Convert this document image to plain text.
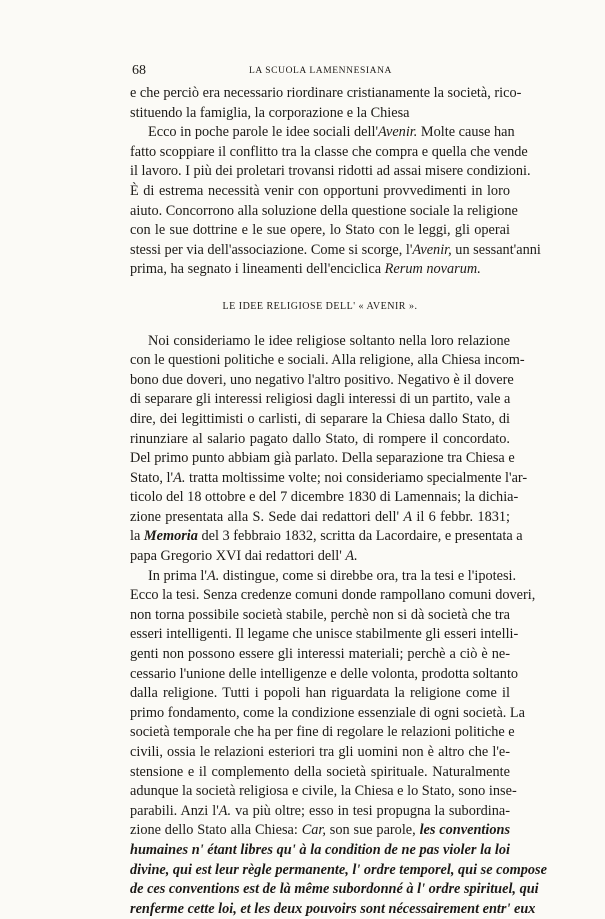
68	LA SCUOLA LAMENNESIANA
e che perciò era necessario riordinare cristianamente la società, rico-
stituendo la famiglia, la corporazione e la Chiesa
Ecco in poche parole le idee sociali dell'Avenir. Molte cause han
fatto scoppiare il conflitto tra la classe che compra e quella che vende
il lavoro. I più dei proletari trovansi ridotti ad assai misere condizioni.
È di estrema necessità venir con opportuni provvedimenti in loro
aiuto. Concorrono alla soluzione della questione sociale la religione
con le sue dottrine e le sue opere, lo Stato con le leggi, gli operai
stessi per via dell'associazione. Come si scorge, l'Avenir, un sessant'anni
prima, ha segnato i lineamenti dell'enciclica Rerum novarum.
LE IDEE RELIGIOSE DELL' « AVENIR ».
Noi consideriamo le idee religiose soltanto nella loro relazione
con le questioni politiche e sociali. Alla religione, alla Chiesa incom-
bono due doveri, uno negativo l'altro positivo. Negativo è il dovere
di separare gli interessi religiosi dagli interessi di un partito, vale a
dire, dei legittimisti o carlisti, di separare la Chiesa dallo Stato, di
rinunziare al salario pagato dallo Stato, di rompere il concordato.
Del primo punto abbiam già parlato. Della separazione tra Chiesa e
Stato, l'A. tratta moltissime volte; noi consideriamo specialmente l'ar-
ticolo del 18 ottobre e del 7 dicembre 1830 di Lamennais; la dichia-
zione presentata alla S. Sede dai redattori dell' A il 6 febbr. 1831;
la Memoria del 3 febbraio 1832, scritta da Lacordaire, e presentata a
papa Gregorio XVI dai redattori dell' A.
In prima l'A. distingue, come si direbbe ora, tra la tesi e l'ipotesi.
Ecco la tesi. Senza credenze comuni donde rampollano comuni doveri,
non torna possibile società stabile, perchè non si dà società che tra
esseri intelligenti. Il legame che unisce stabilmente gli esseri intelli-
genti non possono essere gli interessi materiali; perchè a ciò è ne-
cessario l'unione delle intelligenze e delle volonta, prodotta soltanto
dalla religione. Tutti i popoli han riguardata la religione come il
primo fondamento, come la condizione essenziale di ogni società. La
società temporale che ha per fine di regolare le relazioni politiche e
civili, ossia le relazioni esteriori tra gli uomini non è altro che l'e-
stensione e il complemento della società spirituale. Naturalmente
adunque la società religiosa e civile, la Chiesa e lo Stato, sono inse-
parabili. Anzi l'A. va più oltre; esso in tesi propugna la subordina-
zione dello Stato alla Chiesa: Car, son sue parole, les conventions
humaines n' étant libres qu' à la condition de ne pas violer la loi
divine, qui est leur règle permanente, l' ordre temporel, qui se compose
de ces conventions est de là même subordonné à l' ordre spirituel, qui
renferme cette loi, et les deux pouvoirs sont nécessairement entr' eux
